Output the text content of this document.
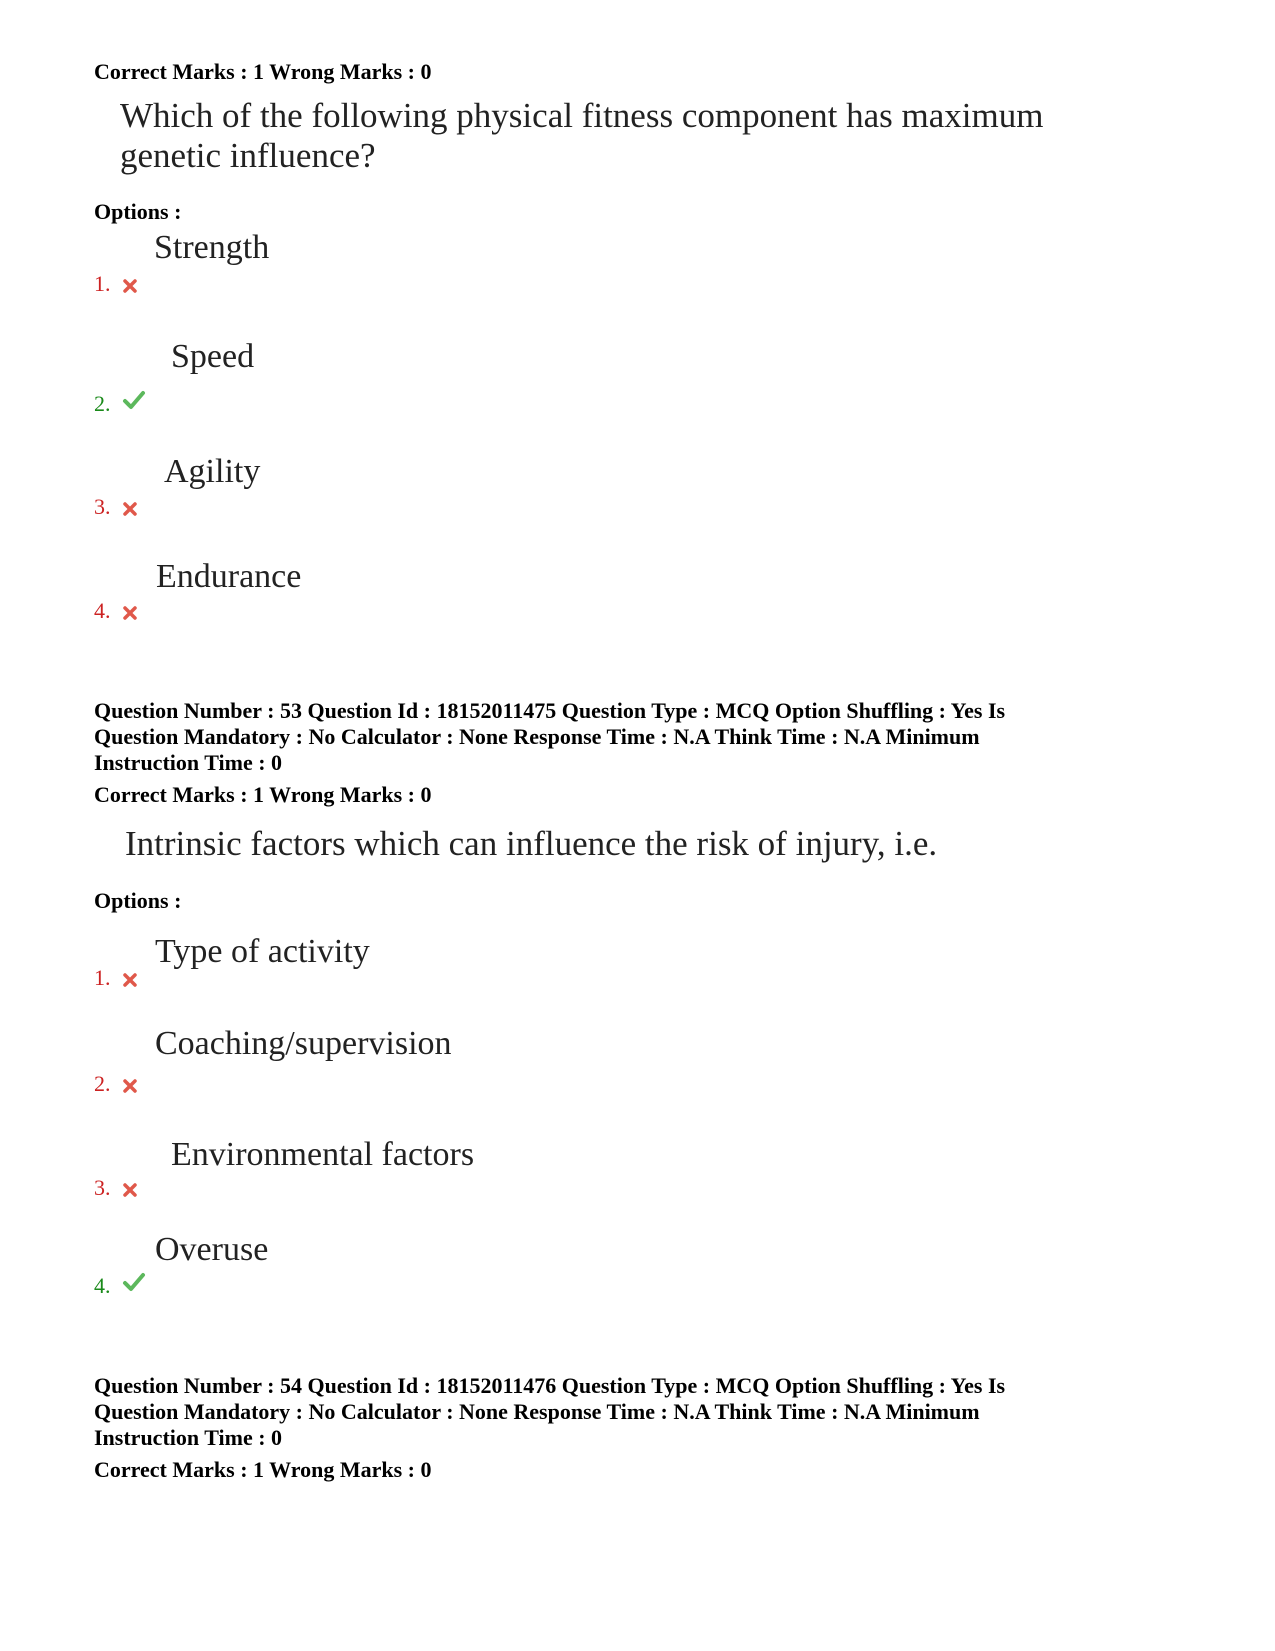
Correct Marks : 1 Wrong Marks : 0
Which of the following physical fitness component has maximum
genetic influence?
Options :
Strength
1.
Speed
2.
Agility
3.
Endurance
4.
Question Number : 53 Question Id : 18152011475 Question Type : MCQ Option Shuffling : Yes Is
Question Mandatory : No Calculator : None Response Time : N.A Think Time : N.A Minimum
Instruction Time : 0
Correct Marks : 1 Wrong Marks : 0
Intrinsic factors which can influence the risk of injury, i.e.
Options :
Type of activity
1.
Coaching/supervision
2.
Environmental factors
3.
Overuse
4.
Question Number : 54 Question Id : 18152011476 Question Type : MCQ Option Shuffling : Yes Is
Question Mandatory : No Calculator : None Response Time : N.A Think Time : N.A Minimum
Instruction Time : 0
Correct Marks : 1 Wrong Marks : 0
